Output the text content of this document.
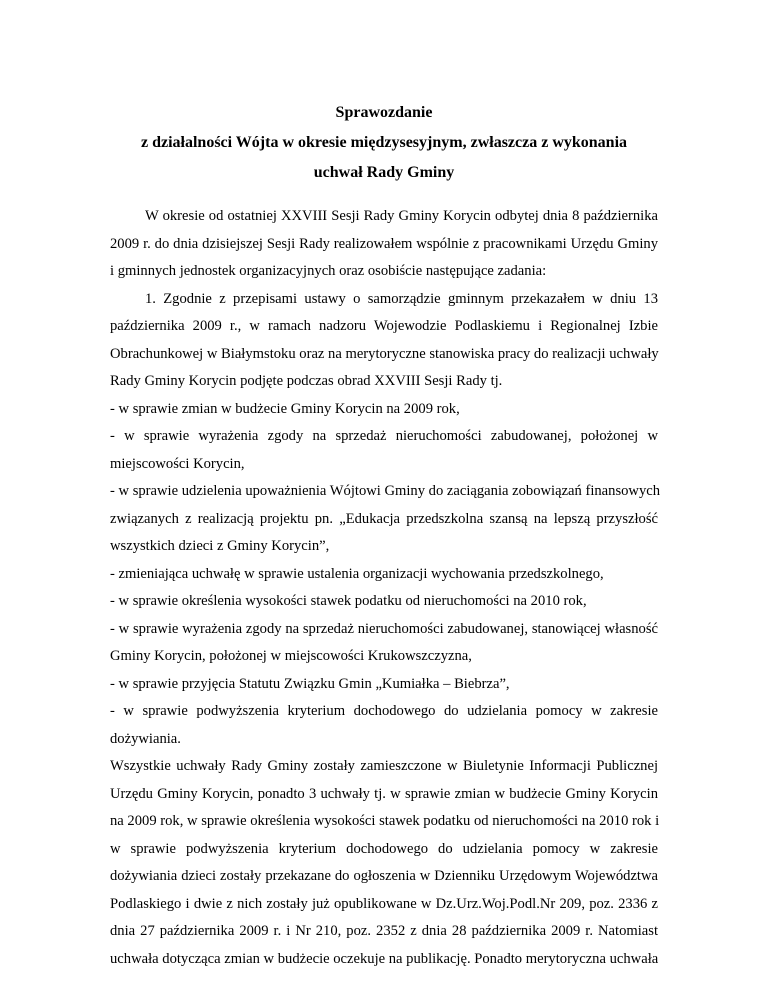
Sprawozdanie
z działalności Wójta w okresie międzysesyjnym, zwłaszcza z wykonania
uchwał Rady Gminy
W okresie od ostatniej XXVIII Sesji Rady Gminy Korycin odbytej dnia 8 października
2009 r. do dnia dzisiejszej Sesji Rady realizowałem wspólnie z pracownikami Urzędu Gminy
i gminnych jednostek organizacyjnych oraz osobiście następujące zadania:
1. Zgodnie z przepisami ustawy o samorządzie gminnym przekazałem w dniu 13
października 2009 r., w ramach nadzoru Wojewodzie Podlaskiemu i Regionalnej Izbie
Obrachunkowej w Białymstoku oraz na merytoryczne stanowiska pracy do realizacji uchwały
Rady Gminy Korycin podjęte podczas obrad XXVIII Sesji Rady tj.
- w sprawie zmian w budżecie Gminy Korycin na 2009 rok,
- w sprawie wyrażenia zgody na sprzedaż nieruchomości zabudowanej, położonej w
miejscowości Korycin,
- w sprawie udzielenia upoważnienia Wójtowi Gminy do zaciągania zobowiązań finansowych
związanych z realizacją projektu pn. „Edukacja przedszkolna szansą na lepszą przyszłość
wszystkich dzieci z Gminy Korycin”,
- zmieniająca uchwałę w sprawie ustalenia organizacji wychowania przedszkolnego,
- w sprawie określenia wysokości stawek podatku od nieruchomości na 2010 rok,
- w sprawie wyrażenia zgody na sprzedaż nieruchomości zabudowanej, stanowiącej własność
Gminy Korycin, położonej w miejscowości Krukowszczyzna,
- w sprawie przyjęcia Statutu Związku Gmin „Kumiałka – Biebrza”,
- w sprawie podwyższenia kryterium dochodowego do udzielania pomocy w zakresie
dożywiania.
Wszystkie uchwały Rady Gminy zostały zamieszczone w Biuletynie Informacji Publicznej
Urzędu Gminy Korycin, ponadto 3 uchwały tj. w sprawie zmian w budżecie Gminy Korycin
na 2009 rok, w sprawie określenia wysokości stawek podatku od nieruchomości na 2010 rok i
w sprawie podwyższenia kryterium dochodowego do udzielania pomocy w zakresie
dożywiania dzieci zostały przekazane do ogłoszenia w Dzienniku Urzędowym Województwa
Podlaskiego i dwie z nich zostały już opublikowane w Dz.Urz.Woj.Podl.Nr 209, poz. 2336 z
dnia 27 października 2009 r. i Nr 210, poz. 2352 z dnia 28 października 2009 r. Natomiast
uchwała dotycząca zmian w budżecie oczekuje na publikację. Ponadto merytoryczna uchwała
